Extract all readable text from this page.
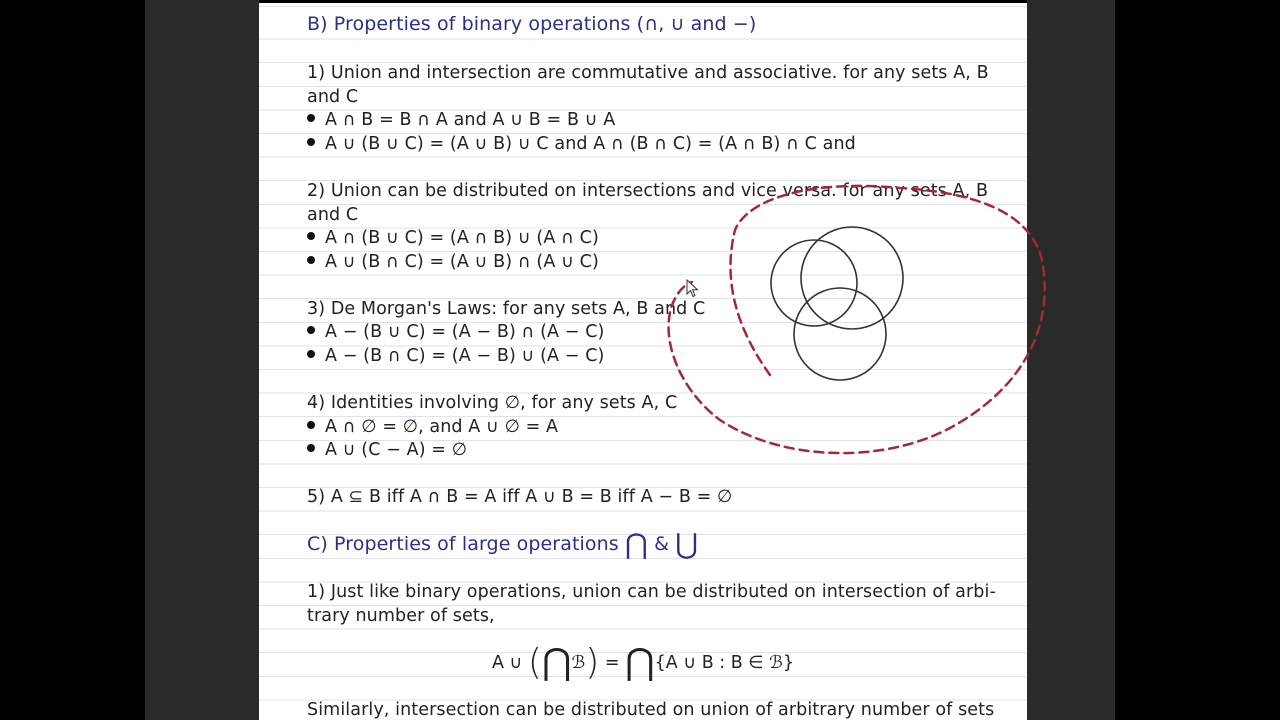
B) Properties of binary operations (∩, ∪ and −)
1) Union and intersection are commutative and associative. for any sets A, B
and C
A ∩ B = B ∩ A and A ∪ B = B ∪ A
A ∪ (B ∪ C) = (A ∪ B) ∪ C and A ∩ (B ∩ C) = (A ∩ B) ∩ C and
2) Union can be distributed on intersections and vice versa. for any sets A, B
and C
A ∩ (B ∪ C) = (A ∩ B) ∪ (A ∩ C)
A ∪ (B ∩ C) = (A ∪ B) ∩ (A ∪ C)
3) De Morgan's Laws: for any sets A, B and C
A − (B ∪ C) = (A − B) ∩ (A − C)
A − (B ∩ C) = (A − B) ∪ (A − C)
4) Identities involving ∅, for any sets A, C
A ∩ ∅ = ∅, and A ∪ ∅ = A
A ∪ (C − A) = ∅
5) A ⊆ B iff A ∩ B = A iff A ∪ B = B iff A − B = ∅
C) Properties of large operations ⋂ & ⋃
1) Just like binary operations, union can be distributed on intersection of arbi-
trary number of sets,
A ∪ (⋂ℬ) = ⋂{A ∪ B : B ∈ ℬ}
Similarly, intersection can be distributed on union of arbitrary number of sets
